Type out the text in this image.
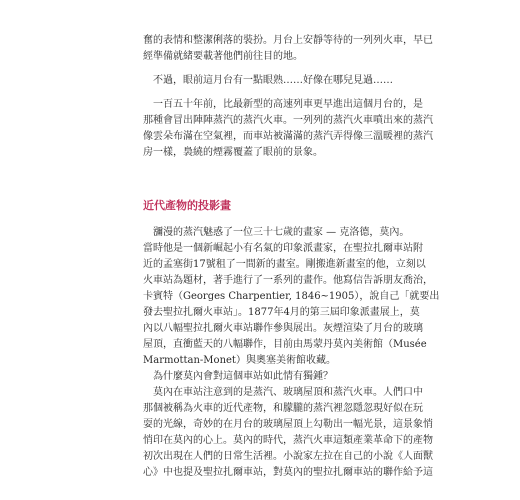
奮的表情和整潔俐落的裝扮。月台上安靜等待的一列列火車，早已
經準備就緒要載著他們前往目的地。
不過，眼前這月台有一點眼熟……好像在哪兒見過……
一百五十年前，比最新型的高速列車更早進出這個月台的，是
那種會冒出陣陣蒸汽的蒸汽火車。一列列的蒸汽火車噴出來的蒸汽
像雲朵布滿在空氣裡，而車站被滿滿的蒸汽弄得像三溫暖裡的蒸汽
房一樣，裊繞的煙霧覆蓋了眼前的景象。
近代產物的投影畫
瀰漫的蒸汽魅惑了一位三十七歲的畫家 — 克洛德，莫內。
當時他是一個新崛起小有名氣的印象派畫家，在聖拉扎爾車站附
近的孟塞街17號租了一間新的畫室。剛搬進新畫室的他，立刻以
火車站為題材，著手進行了一系列的畫作。他寫信告訴朋友喬治，
卡賓特（Georges Charpentier, 1846~1905），說自己「就要出
發去聖拉扎爾火車站」。1877年4月的第三屆印象派畫展上，莫
內以八幅聖拉扎爾火車站聯作參與展出。灰煙渲染了月台的玻璃
屋頂，直衝藍天的八幅聯作，目前由馬蒙丹莫內美術館（Musée
Marmottan-Monet）與奧塞美術館收藏。
為什麼莫內會對這個車站如此情有獨鍾？
莫內在車站注意到的是蒸汽、玻璃屋頂和蒸汽火車。人們口中
那個被稱為火車的近代產物，和朦朧的蒸汽裡忽隱忽現好似在玩
耍的光線，奇妙的在月台的玻璃屋頂上勾勒出一幅光景，這景象悄
悄印在莫內的心上。莫內的時代，蒸汽火車這類產業革命下的產物
初次出現在人們的日常生活裡。小說家左拉在自己的小說《人面獸
心》中也提及聖拉扎爾車站，對莫內的聖拉扎爾車站的聯作給予這
